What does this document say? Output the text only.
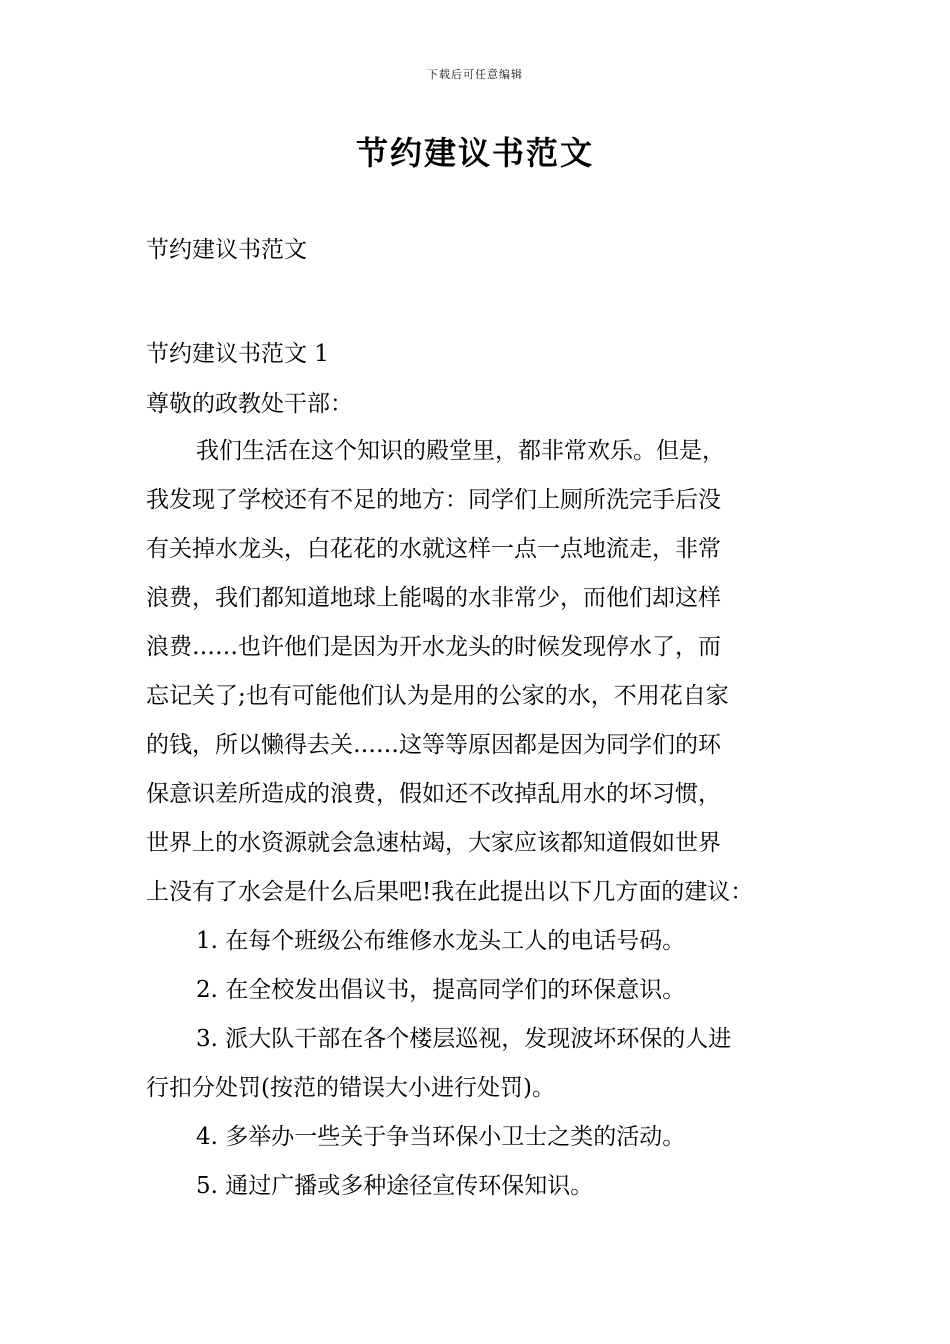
下载后可任意编辑
节约建议书范文
节约建议书范文
节约建议书范文 1
尊敬的政教处干部：
我们生活在这个知识的殿堂里，都非常欢乐。但是，
我发现了学校还有不足的地方：同学们上厕所洗完手后没
有关掉水龙头，白花花的水就这样一点一点地流走，非常
浪费，我们都知道地球上能喝的水非常少，而他们却这样
浪费……也许他们是因为开水龙头的时候发现停水了，而
忘记关了;也有可能他们认为是用的公家的水，不用花自家
的钱，所以懒得去关……这等等原因都是因为同学们的环
保意识差所造成的浪费，假如还不改掉乱用水的坏习惯，
世界上的水资源就会急速枯竭，大家应该都知道假如世界
上没有了水会是什么后果吧!我在此提出以下几方面的建议：
1. 在每个班级公布维修水龙头工人的电话号码。
2. 在全校发出倡议书，提高同学们的环保意识。
3. 派大队干部在各个楼层巡视，发现波坏环保的人进
行扣分处罚(按范的错误大小进行处罚)。
4. 多举办一些关于争当环保小卫士之类的活动。
5. 通过广播或多种途径宣传环保知识。
